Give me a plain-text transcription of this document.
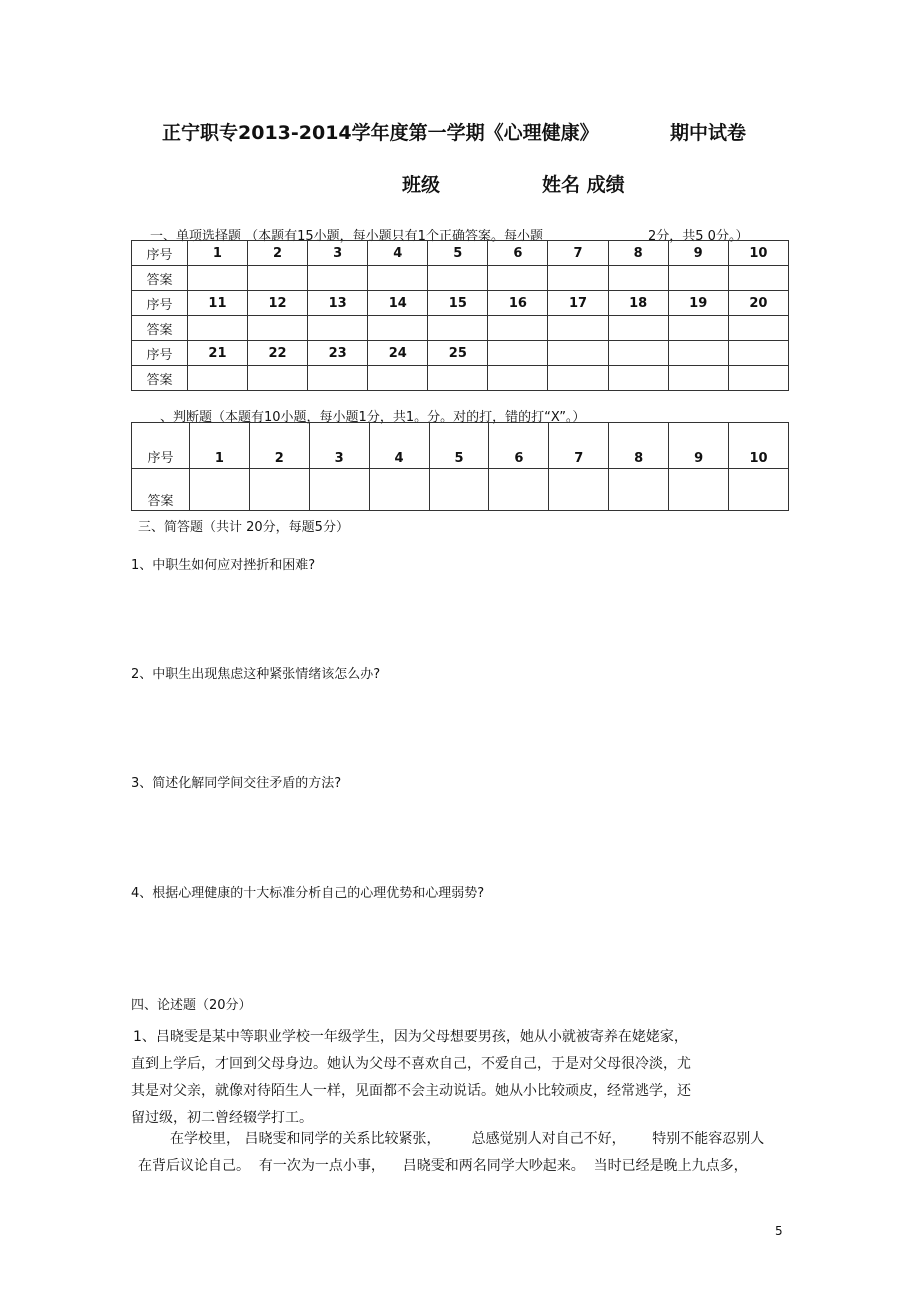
正宁职专2013-2014学年度第一学期《心理健康》	期中试卷
班级	姓名 成绩
一、单项选择题 （本题有15小题，每小题只有1个正确答案。每小题	2分，共5 0分。）
序号	1	2	3	4	5	6	7	8	9	10
答案										
序号	11	12	13	14	15	16	17	18	19	20
答案										
序号	21	22	23	24	25					
答案										
、判断题（本题有10小题，每小题1分，共1。分。对的打，错的打“X”。）
序号	1	2	3	4	5	6	7	8	9	10
答案										
三、简答题（共计 20分，每题5分）
1、中职生如何应对挫折和困难?
2、中职生出现焦虑这种紧张情绪该怎么办?
3、简述化解同学间交往矛盾的方法?
4、根据心理健康的十大标准分析自己的心理优势和心理弱势?
四、论述题（20分）
1、吕晓雯是某中等职业学校一年级学生，因为父母想要男孩，她从小就被寄养在姥姥家，
直到上学后，才回到父母身边。她认为父母不喜欢自己，不爱自己，于是对父母很冷淡，尤
其是对父亲，就像对待陌生人一样，见面都不会主动说话。她从小比较顽皮，经常逃学，还
留过级，初二曾经辍学打工。
在学校里， 吕晓雯和同学的关系比较紧张，       总感觉别人对自己不好，      特别不能容忍别人
在背后议论自己。  有一次为一点小事，    吕晓雯和两名同学大吵起来。  当时已经是晚上九点多，
5
